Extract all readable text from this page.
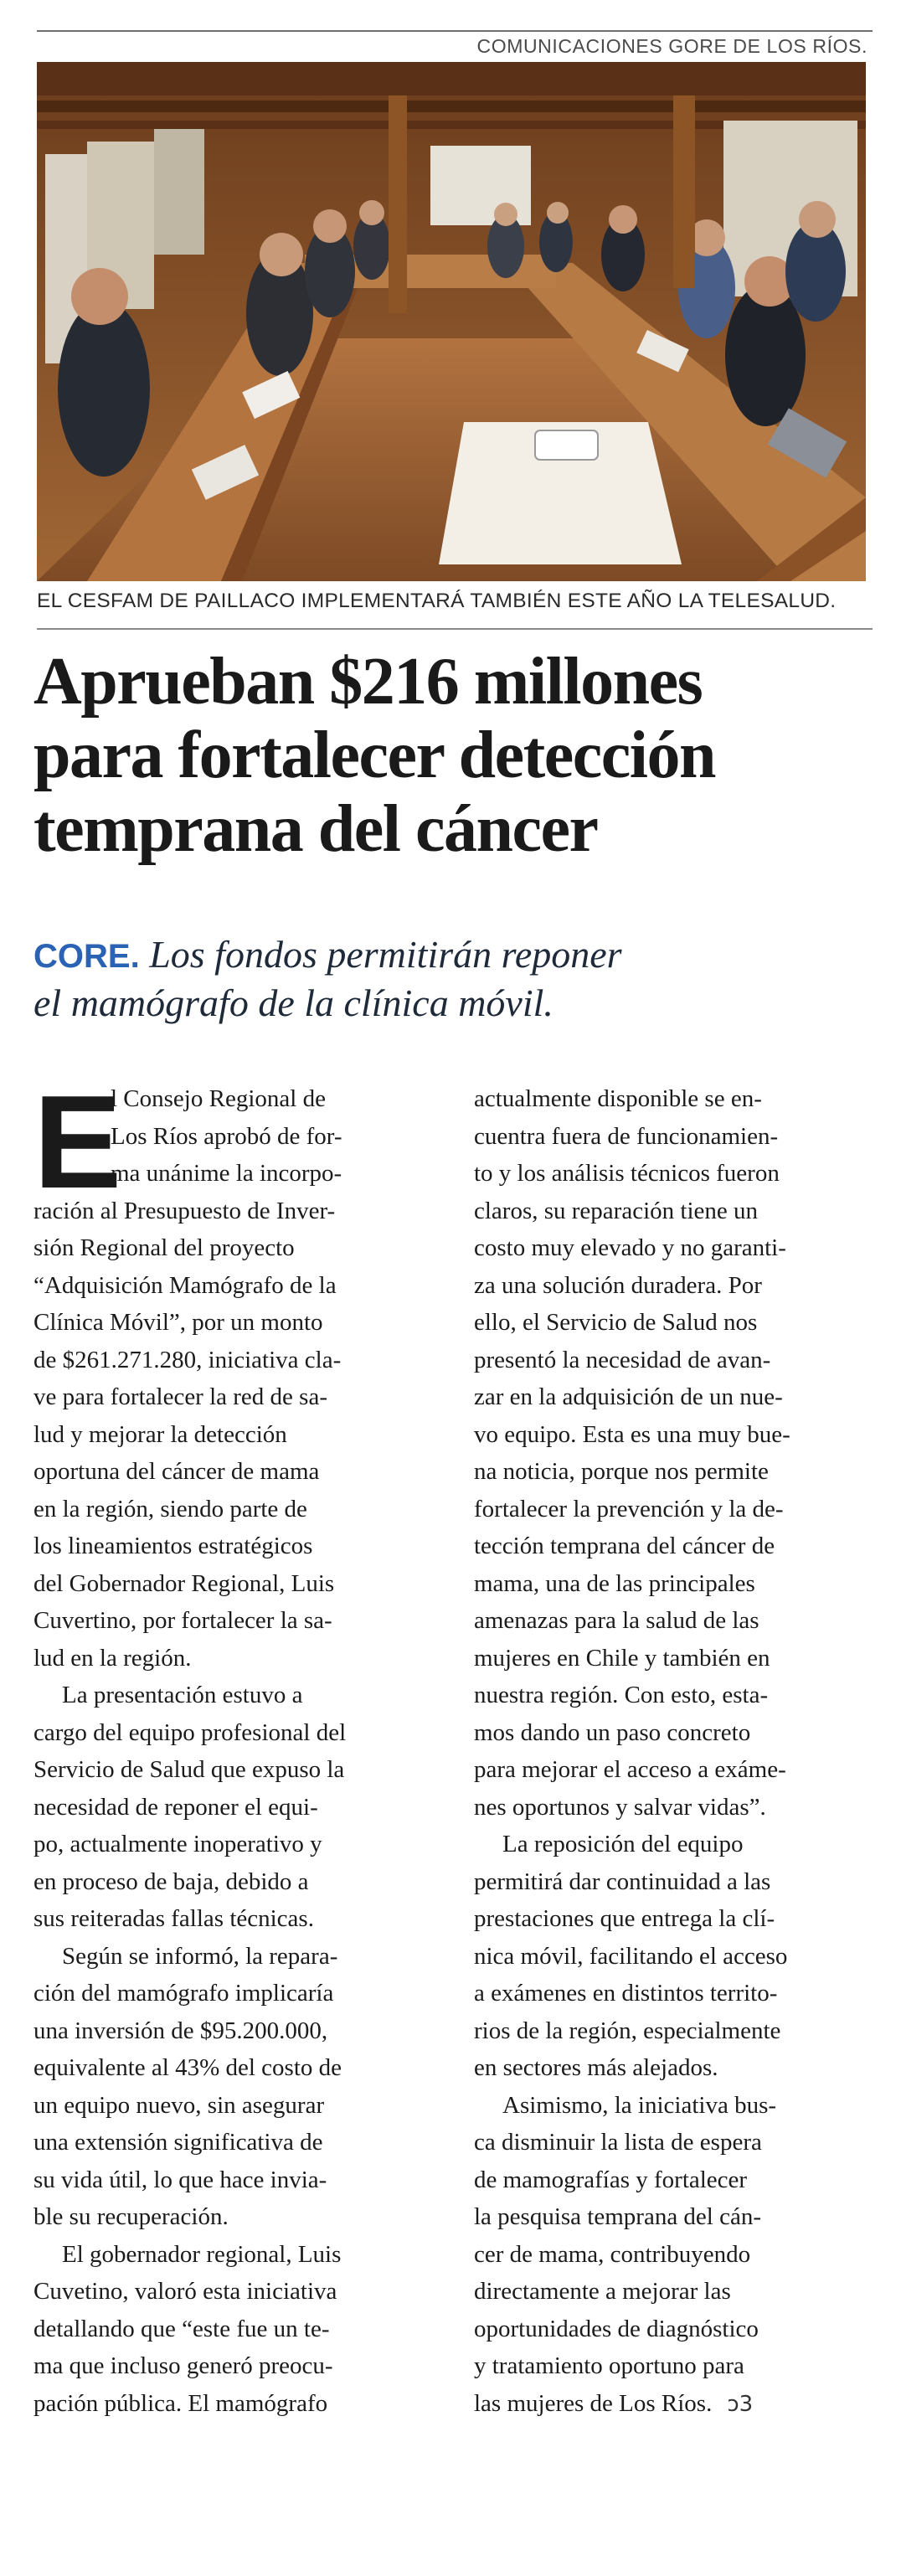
COMUNICACIONES GORE DE LOS RÍOS.
EL CESFAM DE PAILLACO IMPLEMENTARÁ TAMBIÉN ESTE AÑO LA TELESALUD.
Aprueban $216 millones
para fortalecer detección
temprana del cáncer
CORE. Los fondos permitirán reponer
el mamógrafo de la clínica móvil.
E
l Consejo Regional de
Los Ríos aprobó de for-
ma unánime la incorpo-
ración al Presupuesto de Inver-
sión Regional del proyecto
“Adquisición Mamógrafo de la
Clínica Móvil”, por un monto
de $261.271.280, iniciativa cla-
ve para fortalecer la red de sa-
lud y mejorar la detección
oportuna del cáncer de mama
en la región, siendo parte de
los lineamientos estratégicos
del Gobernador Regional, Luis
Cuvertino, por fortalecer la sa-
lud en la región.
La presentación estuvo a
cargo del equipo profesional del
Servicio de Salud que expuso la
necesidad de reponer el equi-
po, actualmente inoperativo y
en proceso de baja, debido a
sus reiteradas fallas técnicas.
Según se informó, la repara-
ción del mamógrafo implicaría
una inversión de $95.200.000,
equivalente al 43% del costo de
un equipo nuevo, sin asegurar
una extensión significativa de
su vida útil, lo que hace invia-
ble su recuperación.
El gobernador regional, Luis
Cuvetino, valoró esta iniciativa
detallando que “este fue un te-
ma que incluso generó preocu-
pación pública. El mamógrafo
actualmente disponible se en-
cuentra fuera de funcionamien-
to y los análisis técnicos fueron
claros, su reparación tiene un
costo muy elevado y no garanti-
za una solución duradera. Por
ello, el Servicio de Salud nos
presentó la necesidad de avan-
zar en la adquisición de un nue-
vo equipo. Esta es una muy bue-
na noticia, porque nos permite
fortalecer la prevención y la de-
tección temprana del cáncer de
mama, una de las principales
amenazas para la salud de las
mujeres en Chile y también en
nuestra región. Con esto, esta-
mos dando un paso concreto
para mejorar el acceso a exáme-
nes oportunos y salvar vidas”.
La reposición del equipo
permitirá dar continuidad a las
prestaciones que entrega la clí-
nica móvil, facilitando el acceso
a exámenes en distintos territo-
rios de la región, especialmente
en sectores más alejados.
Asimismo, la iniciativa bus-
ca disminuir la lista de espera
de mamografías y fortalecer
la pesquisa temprana del cán-
cer de mama, contribuyendo
directamente a mejorar las
oportunidades de diagnóstico
y tratamiento oportuno para
las mujeres de Los Ríos. ↄ3
